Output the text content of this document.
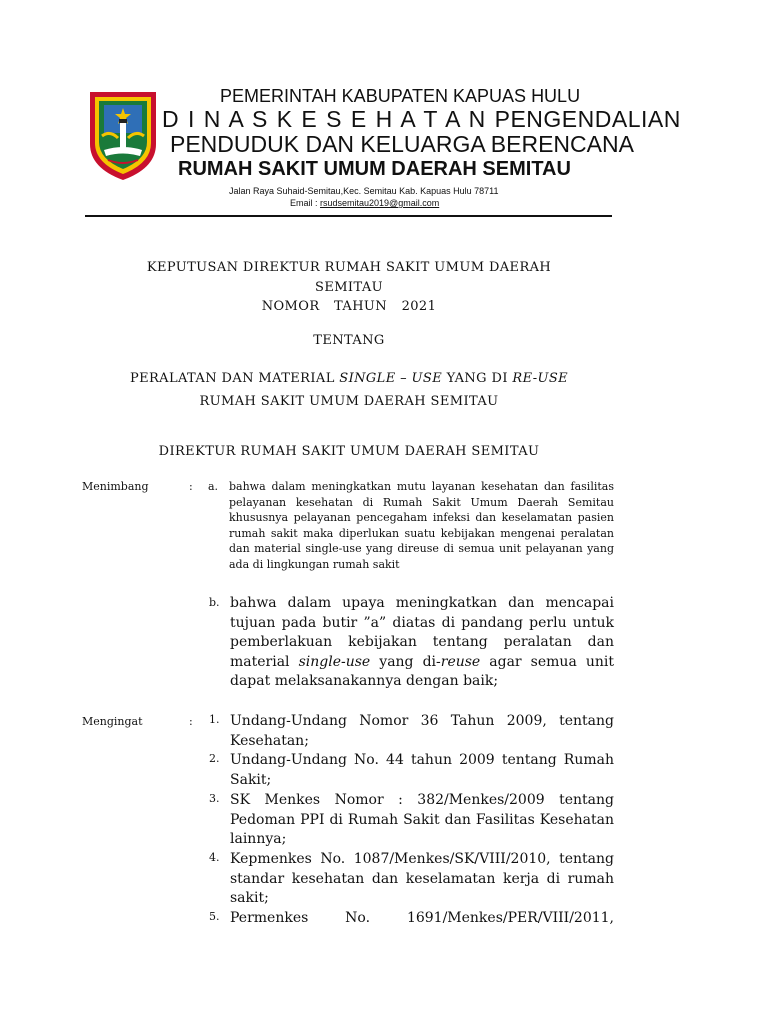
PEMERINTAH KABUPATEN KAPUAS HULU
D I N A S K E S E H A T A N PENGENDALIAN
PENDUDUK DAN KELUARGA BERENCANA
RUMAH SAKIT UMUM DAERAH SEMITAU
Jalan Raya Suhaid-Semitau,Kec. Semitau Kab. Kapuas Hulu 78711
Email : rsudsemitau2019@gmail.com
KEPUTUSAN DIREKTUR RUMAH SAKIT UMUM DAERAH
SEMITAU
NOMOR TAHUN 2021
TENTANG
PERALATAN DAN MATERIAL SINGLE – USE YANG DI RE-USE
RUMAH SAKIT UMUM DAERAH SEMITAU
DIREKTUR RUMAH SAKIT UMUM DAERAH SEMITAU
Menimbang	: a. bahwa dalam meningkatkan mutu layanan kesehatan dan fasilitas pelayanan kesehatan di Rumah Sakit Umum Daerah Semitau khususnya pelayanan pencegaham infeksi dan keselamatan pasien rumah sakit maka diperlukan suatu kebijakan mengenai peralatan dan material single-use yang direuse di semua unit pelayanan yang ada di lingkungan rumah sakit
b. bahwa dalam upaya meningkatkan dan mencapai tujuan pada butir ”a” diatas di pandang perlu untuk pemberlakuan kebijakan tentang peralatan dan material single-use yang di-reuse agar semua unit dapat melaksanakannya dengan baik;
Mengingat	: 1. Undang-Undang Nomor 36 Tahun 2009, tentang Kesehatan;
2. Undang-Undang No. 44 tahun 2009 tentang Rumah Sakit;
3. SK Menkes Nomor : 382/Menkes/2009 tentang Pedoman PPI di Rumah Sakit dan Fasilitas Kesehatan lainnya;
4. Kepmenkes No. 1087/Menkes/SK/VIII/2010, tentang standar kesehatan dan keselamatan kerja di rumah sakit;
5. Permenkes No. 1691/Menkes/PER/VIII/2011,
